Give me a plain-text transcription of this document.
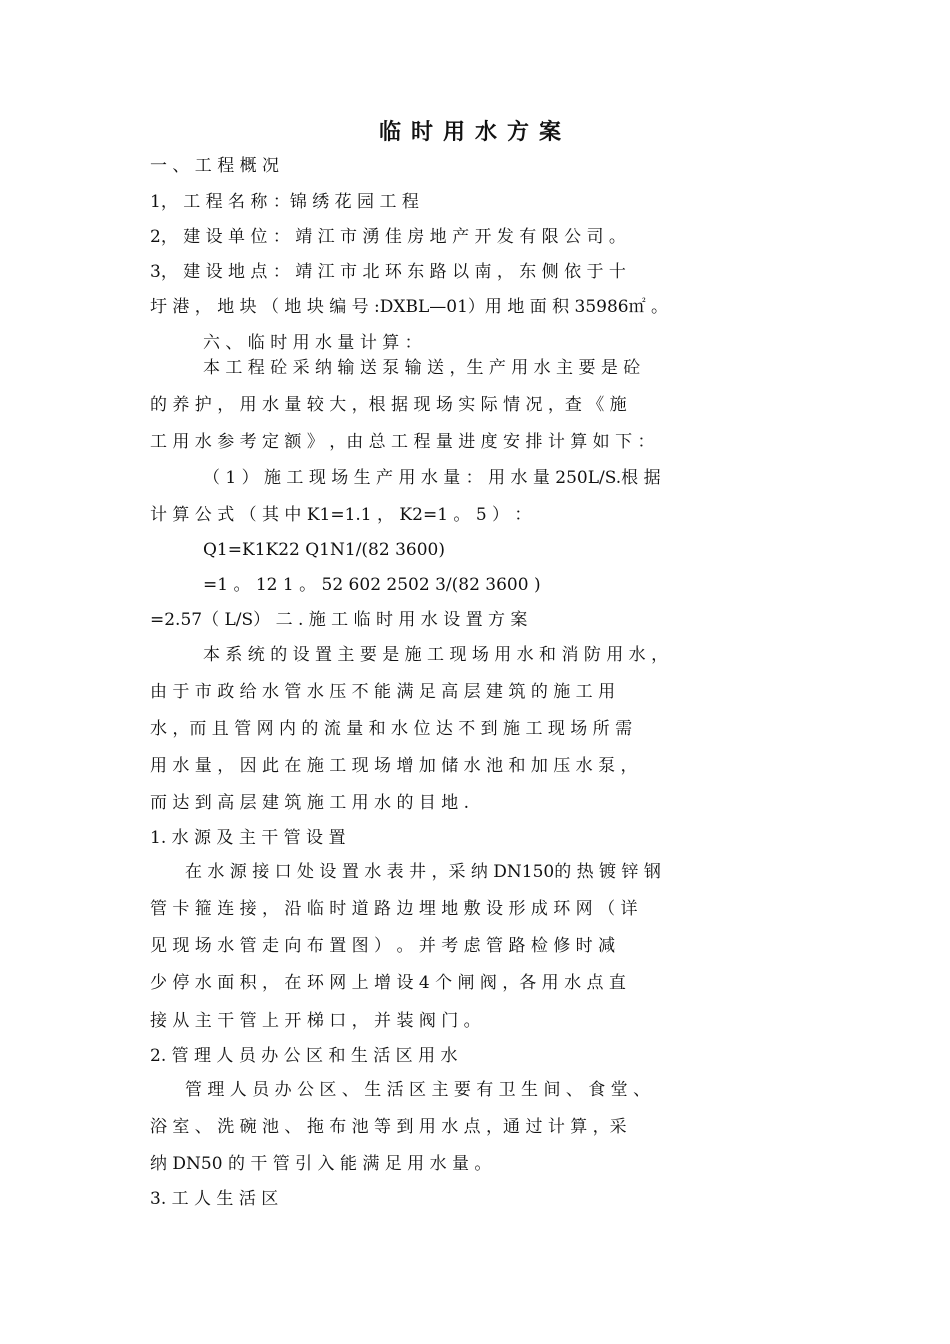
临时用水方案
一 、 工 程 概 况
1， 工 程 名 称 ：锦 绣 花 园 工 程
2， 建 设 单 位 ： 靖 江 市 湧 佳 房 地 产 开 发 有 限 公 司 。
3， 建 设 地 点 ： 靖 江 市 北 环 东 路 以 南 ， 东 侧 依 于 十
圩 港 ， 地 块 （ 地 块 编 号 :DXBL—01）用 地 面 积 35986㎡ 。
六 、 临 时 用 水 量 计 算 ：
本 工 程 砼 采 纳 输 送 泵 输 送 ，生 产 用 水 主 要 是 砼
的 养 护 ， 用 水 量 较 大 ，根 据 现 场 实 际 情 况 ，查 《 施
工 用 水 参 考 定 额 》 ，由 总 工 程 量 进 度 安 排 计 算 如 下 ：
（ 1 ） 施 工 现 场 生 产 用 水 量 ： 用 水 量 250L/S.根 据
计 算 公 式 （ 其 中 K1=1.1 ， K2=1 。 5 ） ：
Q1=K1K22 Q1N1/(82 3600)
=1 。 12 1 。 52 602 2502 3/(82 3600 )
=2.57（ L/S） 二 . 施 工 临 时 用 水 设 置 方 案
本 系 统 的 设 置 主 要 是 施 工 现 场 用 水 和 消 防 用 水 ，
由 于 市 政 给 水 管 水 压 不 能 满 足 高 层 建 筑 的 施 工 用
水 ，而 且 管 网 内 的 流 量 和 水 位 达 不 到 施 工 现 场 所 需
用 水 量 ， 因 此 在 施 工 现 场 增 加 储 水 池 和 加 压 水 泵 ，
而 达 到 高 层 建 筑 施 工 用 水 的 目 地 .
1. 水 源 及 主 干 管 设 置
在 水 源 接 口 处 设 置 水 表 井 ，采 纳 DN150的 热 镀 锌 钢
管 卡 箍 连 接 ， 沿 临 时 道 路 边 埋 地 敷 设 形 成 环 网 （ 详
见 现 场 水 管 走 向 布 置 图 ） 。 并 考 虑 管 路 检 修 时 减
少 停 水 面 积 ， 在 环 网 上 增 设 4 个 闸 阀 ，各 用 水 点 直
接 从 主 干 管 上 开 梯 口 ， 并 装 阀 门 。
2. 管 理 人 员 办 公 区 和 生 活 区 用 水
管 理 人 员 办 公 区 、 生 活 区 主 要 有 卫 生 间 、 食 堂 、
浴 室 、 洗 碗 池 、 拖 布 池 等 到 用 水 点 ，通 过 计 算 ，采
纳 DN50 的 干 管 引 入 能 满 足 用 水 量 。
3. 工 人 生 活 区
